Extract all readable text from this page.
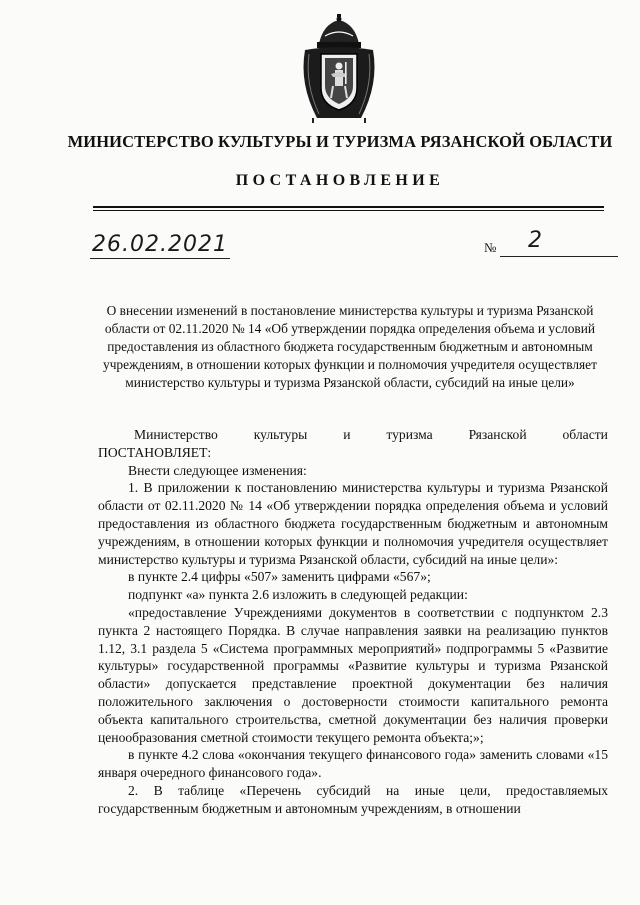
МИНИСТЕРСТВО КУЛЬТУРЫ И ТУРИЗМА РЯЗАНСКОЙ ОБЛАСТИ
ПОСТАНОВЛЕНИЕ
26.02.2021	№ 2
О внесении изменений в постановление министерства культуры и туризма Рязанской области от 02.11.2020 № 14 «Об утверждении порядка определения объема и условий предоставления из областного бюджета государственным бюджетным и автономным учреждениям, в отношении которых функции и полномочия учредителя осуществляет министерство культуры и туризма Рязанской области, субсидий на иные цели»
Министерство	культуры	и	туризма	Рязанской	области

ПОСТАНОВЛЯЕТ:

Внести следующее изменения:

1. В приложении к постановлению министерства культуры и туризма Рязанской области от 02.11.2020 № 14 «Об утверждении порядка определения объема и условий предоставления из областного бюджета государственным бюджетным и автономным учреждениям, в отношении которых функции и полномочия учредителя осуществляет министерство культуры и туризма Рязанской области, субсидий на иные цели»:

в пункте 2.4 цифры «507» заменить цифрами «567»;

подпункт «а» пункта 2.6 изложить в следующей редакции:

«предоставление Учреждениями документов в соответствии с подпунктом 2.3 пункта 2 настоящего Порядка. В случае направления заявки на реализацию пунктов 1.12, 3.1 раздела 5 «Система программных мероприятий» подпрограммы 5 «Развитие культуры» государственной программы «Развитие культуры и туризма Рязанской области» допускается представление проектной документации без наличия положительного заключения о достоверности стоимости капитального ремонта объекта капитального строительства, сметной документации без наличия проверки ценообразования сметной стоимости текущего ремонта объекта;»;

в пункте 4.2 слова «окончания текущего финансового года» заменить словами «15 января очередного финансового года».

2. В таблице «Перечень субсидий на иные цели, предоставляемых государственным бюджетным и автономным учреждениям, в отношении
